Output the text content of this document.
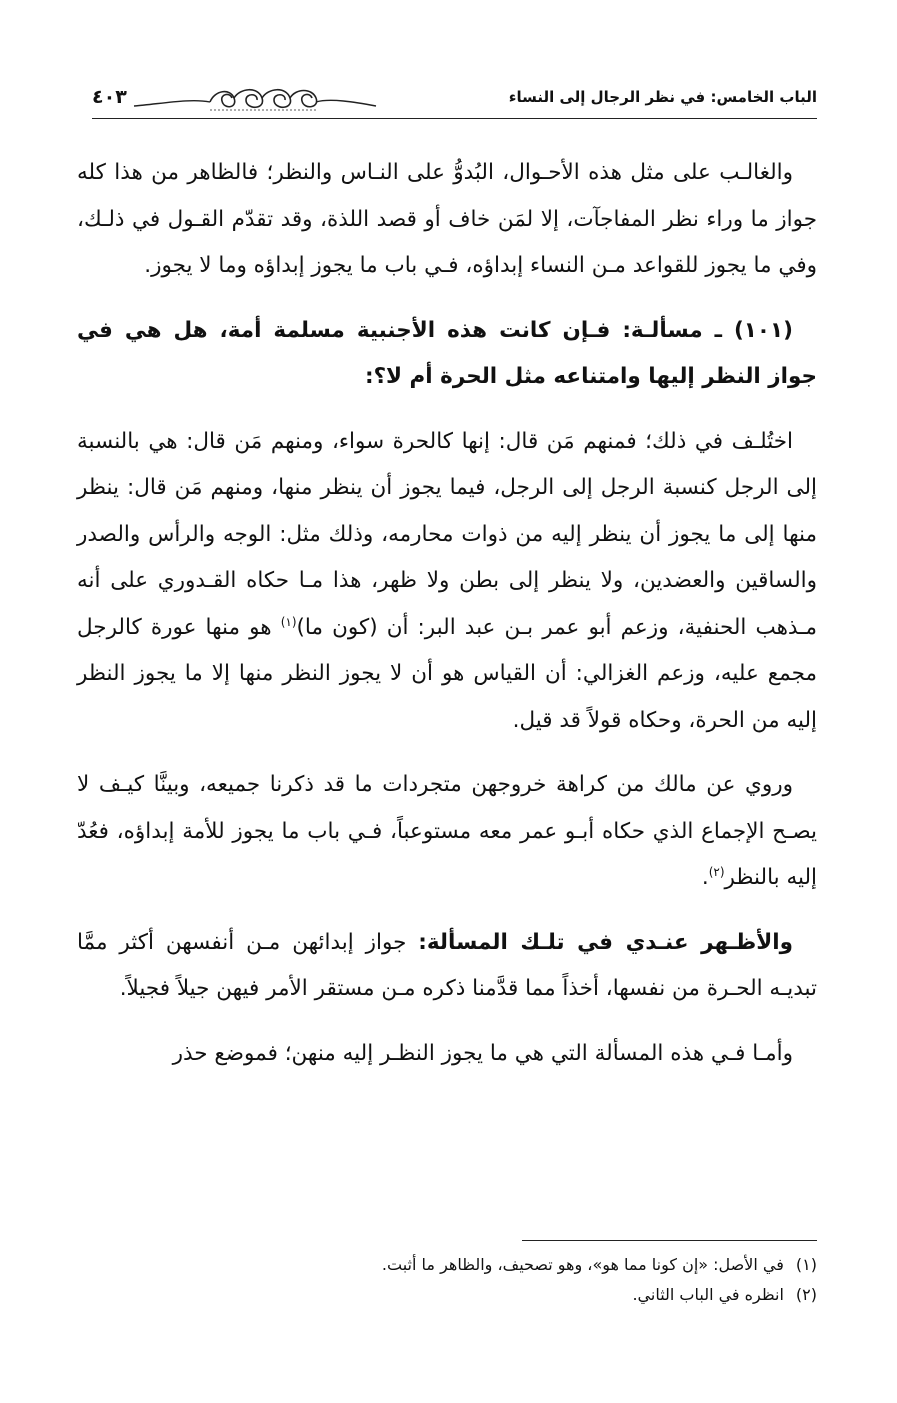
الباب الخامس: في نظر الرجال إلى النساء
٤٠٣

والغالـب على مثل هذه الأحـوال، البُدوُّ على النـاس والنظر؛ فالظاهر من هذا كله جواز ما وراء نظر المفاجآت، إلا لمَن خاف أو قصد اللذة، وقد تقدّم القـول في ذلـك، وفي ما يجوز للقواعد مـن النساء إبداؤه، فـي باب ما يجوز إبداؤه وما لا يجوز.

(١٠١) ـ مسألـة: فـإن كانت هذه الأجنبية مسلمة أمة، هل هي في جواز النظر إليها وامتناعه مثل الحرة أم لا؟:

اختُلـف في ذلك؛ فمنهم مَن قال: إنها كالحرة سواء، ومنهم مَن قال: هي بالنسبة إلى الرجل كنسبة الرجل إلى الرجل، فيما يجوز أن ينظر منها، ومنهم مَن قال: ينظر منها إلى ما يجوز أن ينظر إليه من ذوات محارمه، وذلك مثل: الوجه والرأس والصدر والساقين والعضدين، ولا ينظر إلى بطن ولا ظهر، هذا مـا حكاه القـدوري على أنه مـذهب الحنفية، وزعم أبو عمر بـن عبد البر: أن (كون ما)$^{(١)}$ هو منها عورة كالرجل مجمع عليه، وزعم الغزالي: أن القياس هو أن لا يجوز النظر منها إلا ما يجوز النظر إليه من الحرة، وحكاه قولاً قد قيل.

وروي عن مالك من كراهة خروجهن متجردات ما قد ذكرنا جميعه، وبينَّا كيـف لا يصـح الإجماع الذي حكاه أبـو عمر معه مستوعباً، فـي باب ما يجوز للأمة إبداؤه، فعُدّ إليه بالنظر$^{(٢)}$.

والأظـهر عنـدي في تلـك المسألة: جواز إبدائهن مـن أنفسهن أكثر ممَّا تبديـه الحـرة من نفسها، أخذاً مما قدَّمنا ذكره مـن مستقر الأمر فيهن جيلاً فجيلاً.

وأمـا فـي هذه المسألة التي هي ما يجوز النظـر إليه منهن؛ فموضع حذر

(١)
في الأصل: «إن كونا مما هو»، وهو تصحيف، والظاهر ما أثبت.
(٢)
انظره في الباب الثاني.
